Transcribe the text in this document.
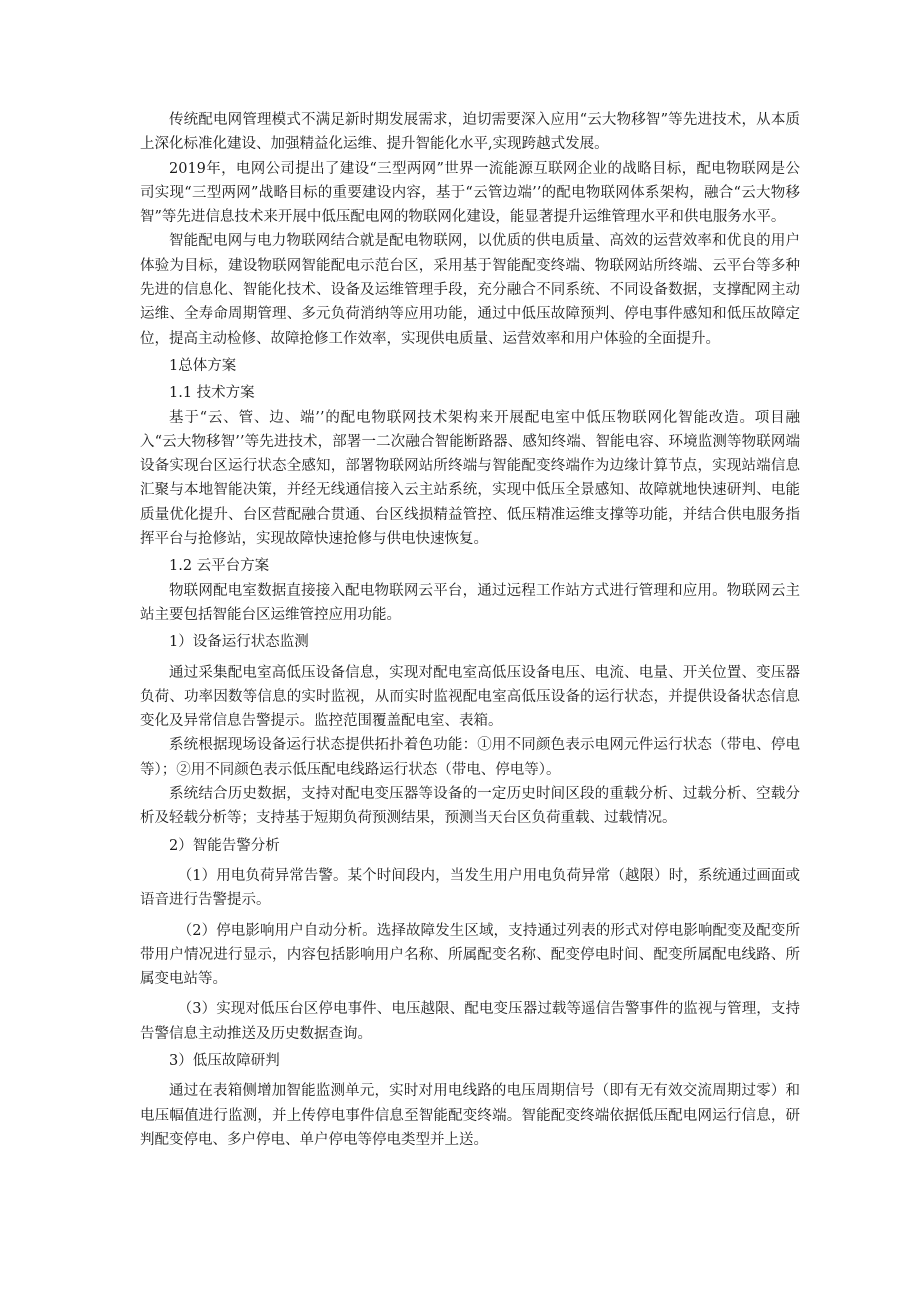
传统配电网管理模式不满足新时期发展需求，迫切需要深入应用“云大物移智”等先进技术，从本质上深化标准化建设、加强精益化运维、提升智能化水平,实现跨越式发展。

2019年，电网公司提出了建设“三型两网”世界一流能源互联网企业的战略目标，配电物联网是公司实现“三型两网”战略目标的重要建设内容，基于“云管边端’’的配电物联网体系架构，融合“云大物移智”等先进信息技术来开展中低压配电网的物联网化建设，能显著提升运维管理水平和供电服务水平。

智能配电网与电力物联网结合就是配电物联网，以优质的供电质量、高效的运营效率和优良的用户体验为目标，建设物联网智能配电示范台区，采用基于智能配变终端、物联网站所终端、云平台等多种先进的信息化、智能化技术、设备及运维管理手段，充分融合不同系统、不同设备数据，支撑配网主动运维、全寿命周期管理、多元负荷消纳等应用功能，通过中低压故障预判、停电事件感知和低压故障定位，提高主动检修、故障抢修工作效率，实现供电质量、运营效率和用户体验的全面提升。

1总体方案

1.1 技术方案

基于“云、管、边、端’’的配电物联网技术架构来开展配电室中低压物联网化智能改造。项目融入“云大物移智’’等先进技术，部署一二次融合智能断路器、感知终端、智能电容、环境监测等物联网端设备实现台区运行状态全感知，部署物联网站所终端与智能配变终端作为边缘计算节点，实现站端信息汇聚与本地智能决策，并经无线通信接入云主站系统，实现中低压全景感知、故障就地快速研判、电能质量优化提升、台区营配融合贯通、台区线损精益管控、低压精准运维支撑等功能，并结合供电服务指挥平台与抢修站，实现故障快速抢修与供电快速恢复。

1.2 云平台方案

物联网配电室数据直接接入配电物联网云平台，通过远程工作站方式进行管理和应用。物联网云主站主要包括智能台区运维管控应用功能。

1）设备运行状态监测

通过采集配电室高低压设备信息，实现对配电室高低压设备电压、电流、电量、开关位置、变压器负荷、功率因数等信息的实时监视，从而实时监视配电室高低压设备的运行状态，并提供设备状态信息变化及异常信息告警提示。监控范围覆盖配电室、表箱。

系统根据现场设备运行状态提供拓扑着色功能：①用不同颜色表示电网元件运行状态（带电、停电等）；②用不同颜色表示低压配电线路运行状态（带电、停电等）。

系统结合历史数据，支持对配电变压器等设备的一定历史时间区段的重载分析、过载分析、空载分析及轻载分析等；支持基于短期负荷预测结果，预测当天台区负荷重载、过载情况。

2）智能告警分析

（1）用电负荷异常告警。某个时间段内，当发生用户用电负荷异常（越限）时，系统通过画面或语音进行告警提示。

（2）停电影响用户自动分析。选择故障发生区域，支持通过列表的形式对停电影响配变及配变所带用户情况进行显示，内容包括影响用户名称、所属配变名称、配变停电时间、配变所属配电线路、所属变电站等。

（3）实现对低压台区停电事件、电压越限、配电变压器过载等遥信告警事件的监视与管理，支持告警信息主动推送及历史数据查询。

3）低压故障研判

通过在表箱侧增加智能监测单元，实时对用电线路的电压周期信号（即有无有效交流周期过零）和电压幅值进行监测，并上传停电事件信息至智能配变终端。智能配变终端依据低压配电网运行信息，研判配变停电、多户停电、单户停电等停电类型并上送。
